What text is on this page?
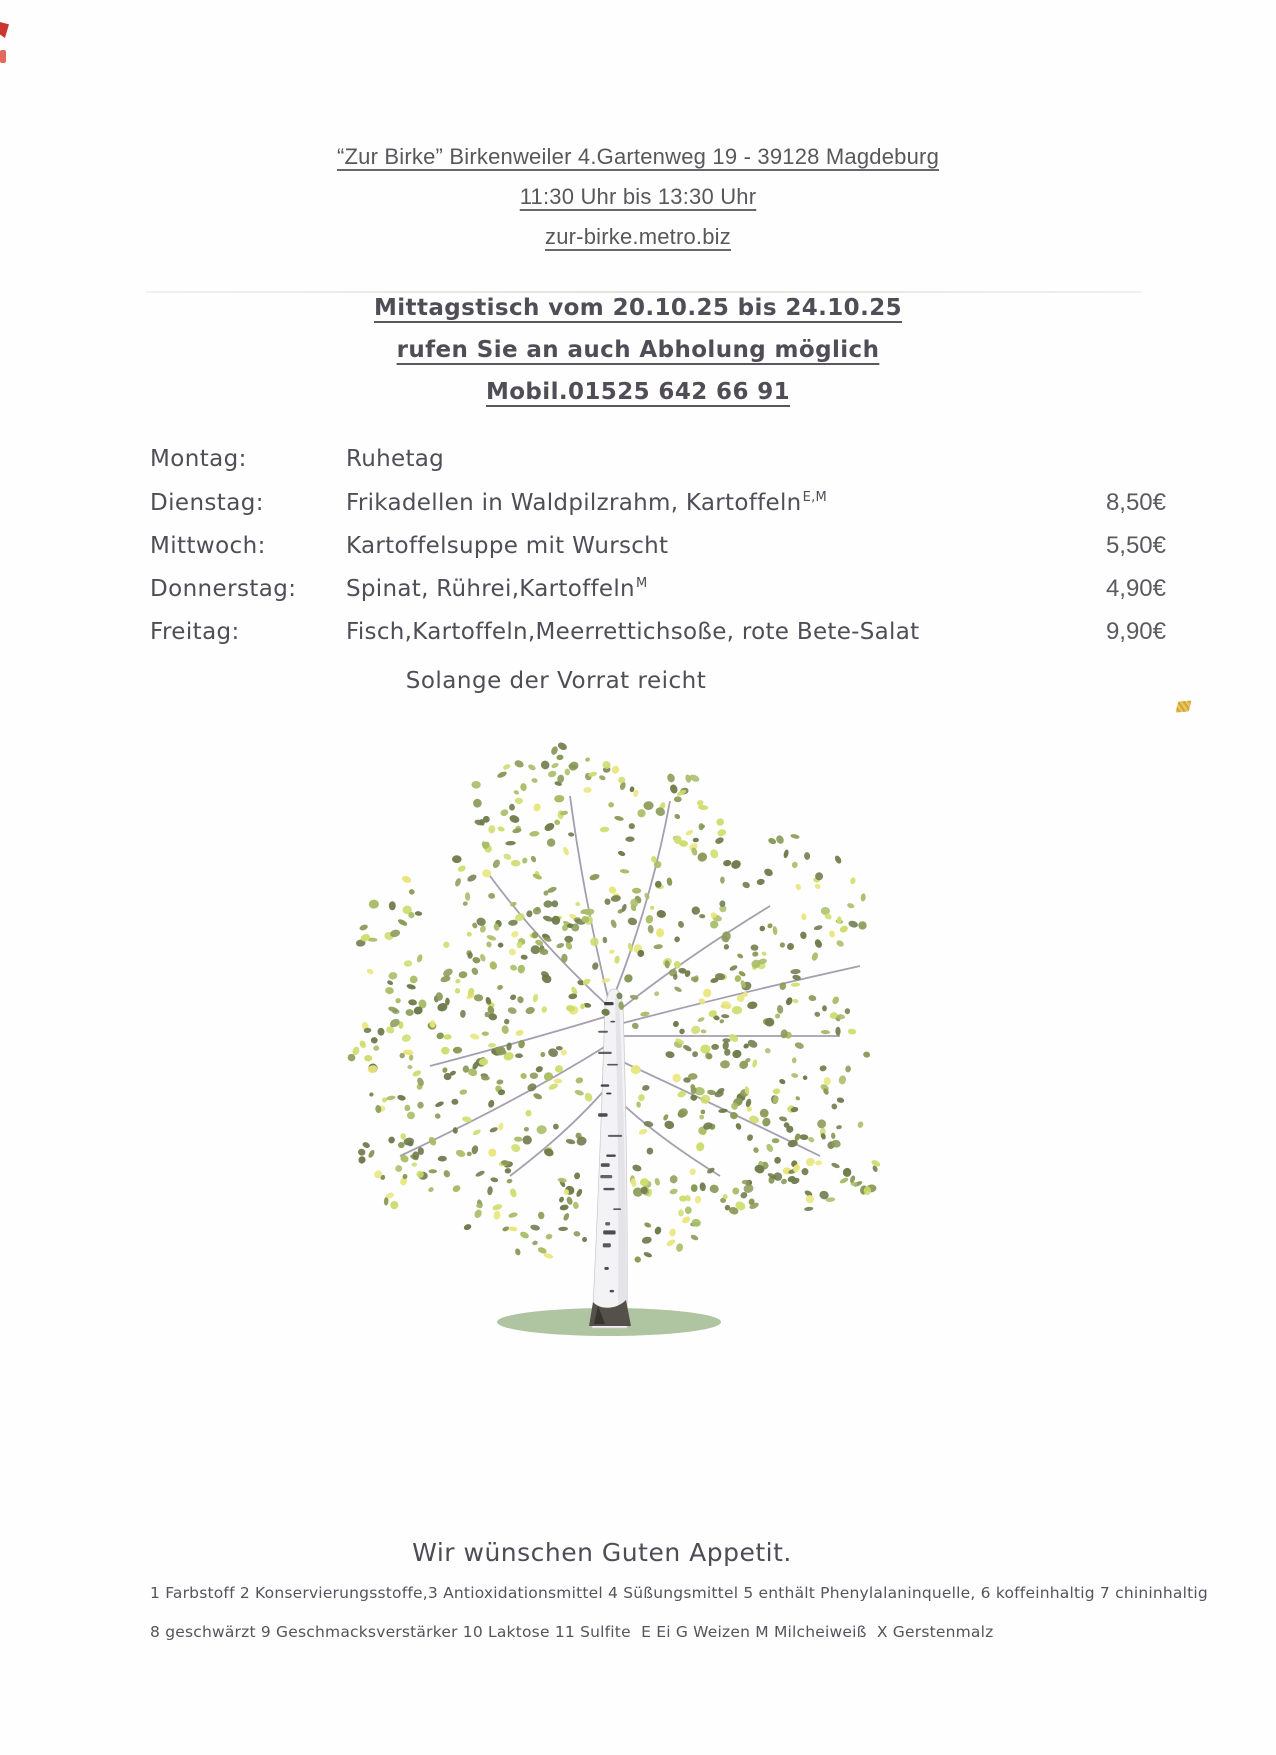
“Zur Birke” Birkenweiler 4.Gartenweg 19 - 39128 Magdeburg
11:30 Uhr bis 13:30 Uhr
zur-birke.metro.biz
Mittagstisch vom 20.10.25 bis 24.10.25
rufen Sie an auch Abholung möglich
Mobil.01525 642 66 91
Montag:	Ruhetag
Dienstag:	Frikadellen in Waldpilzrahm, Kartoffeln$^{E,M}$	8,50€
Mittwoch:	Kartoffelsuppe mit Wurscht	5,50€
Donnerstag:	Spinat, Rührei,Kartoffeln$^M$	4,90€
Freitag:	Fisch,Kartoffeln,Meerrettichsoße, rote Bete-Salat	9,90€
Solange der Vorrat reicht
Wir wünschen Guten Appetit.
1 Farbstoff 2 Konservierungsstoffe,3 Antioxidationsmittel 4 Süßungsmittel 5 enthält Phenylalaninquelle, 6 koffeinhaltig 7 chininhaltig
8 geschwärzt 9 Geschmacksverstärker 10 Laktose 11 Sulfite  E Ei G Weizen M Milcheiweiß  X Gerstenmalz
